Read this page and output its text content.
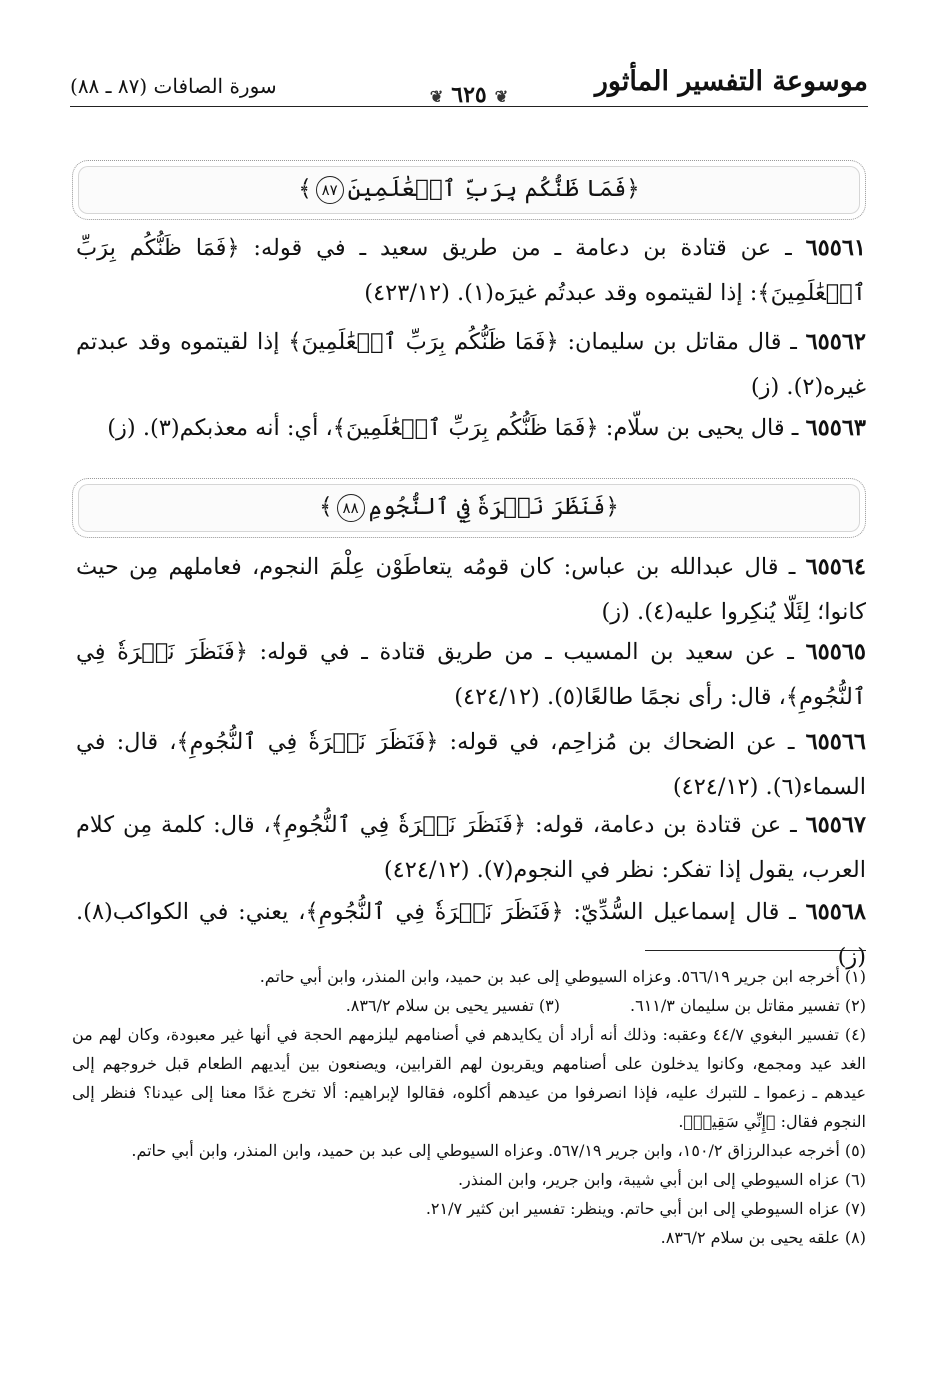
موسوعة التفسير المأثور
❦٦٢٥❦
سورة الصافات (٨٧ ـ ٨٨)
﴿فَمَا ظَنُّكُم بِرَبِّ ٱلۡعَٰلَمِينَ٨٧﴾
٦٥٥٦١ ـ عن قتادة بن دعامة ـ من طريق سعيد ـ في قوله: ﴿فَمَا ظَنُّكُم بِرَبِّ ٱلۡعَٰلَمِينَ﴾: إذا لقيتموه وقد عبدتُم غيرَه(١). (٤٢٣/١٢)
٦٥٥٦٢ ـ قال مقاتل بن سليمان: ﴿فَمَا ظَنُّكُم بِرَبِّ ٱلۡعَٰلَمِينَ﴾ إذا لقيتموه وقد عبدتم غيره(٢). (ز)
٦٥٥٦٣ ـ قال يحيى بن سلّام: ﴿فَمَا ظَنُّكُم بِرَبِّ ٱلۡعَٰلَمِينَ﴾، أي: أنه معذبكم(٣). (ز)
﴿فَنَظَرَ نَظۡرَةٗ فِي ٱلنُّجُومِ٨٨﴾
٦٥٥٦٤ ـ قال عبدالله بن عباس: كان قومُه يتعاطَوْن عِلْمَ النجوم، فعاملهم مِن حيث كانوا؛ لِئَلّا يُنكِروا عليه(٤). (ز)
٦٥٥٦٥ ـ عن سعيد بن المسيب ـ من طريق قتادة ـ في قوله: ﴿فَنَظَرَ نَظۡرَةٗ فِي ٱلنُّجُومِ﴾، قال: رأى نجمًا طالعًا(٥). (٤٢٤/١٢)
٦٥٥٦٦ ـ عن الضحاك بن مُزاحِم، في قوله: ﴿فَنَظَرَ نَظۡرَةٗ فِي ٱلنُّجُومِ﴾، قال: في السماء(٦). (٤٢٤/١٢)
٦٥٥٦٧ ـ عن قتادة بن دعامة، قوله: ﴿فَنَظَرَ نَظۡرَةٗ فِي ٱلنُّجُومِ﴾، قال: كلمة مِن كلام العرب، يقول إذا تفكر: نظر في النجوم(٧). (٤٢٤/١٢)
٦٥٥٦٨ ـ قال إسماعيل السُّدِّيّ: ﴿فَنَظَرَ نَظۡرَةٗ فِي ٱلنُّجُومِ﴾، يعني: في الكواكب(٨). (ز)

(١) أخرجه ابن جرير ٥٦٦/١٩. وعزاه السيوطي إلى عبد بن حميد، وابن المنذر، وابن أبي حاتم.

(٢) تفسير مقاتل بن سليمان ٦١١/٣.
(٣) تفسير يحيى بن سلام ٨٣٦/٢.

(٤) تفسير البغوي ٤٤/٧ وعقبه: وذلك أنه أراد أن يكايدهم في أصنامهم ليلزمهم الحجة في أنها غير معبودة، وكان لهم من الغد عيد ومجمع، وكانوا يدخلون على أصنامهم ويقربون لهم القرابين، ويصنعون بين أيديهم الطعام قبل خروجهم إلى عيدهم ـ زعموا ـ للتبرك عليه، فإذا انصرفوا من عيدهم أكلوه، فقالوا لإبراهيم: ألا تخرج غدًا معنا إلى عيدنا؟ فنظر إلى النجوم فقال: ﴿إِنِّي سَقِيمٞ﴾.

(٥) أخرجه عبدالرزاق ١٥٠/٢، وابن جرير ٥٦٧/١٩. وعزاه السيوطي إلى عبد بن حميد، وابن المنذر، وابن أبي حاتم.

(٦) عزاه السيوطي إلى ابن أبي شيبة، وابن جرير، وابن المنذر.

(٧) عزاه السيوطي إلى ابن أبي حاتم. وينظر: تفسير ابن كثير ٢١/٧.

(٨) علقه يحيى بن سلام ٨٣٦/٢.
